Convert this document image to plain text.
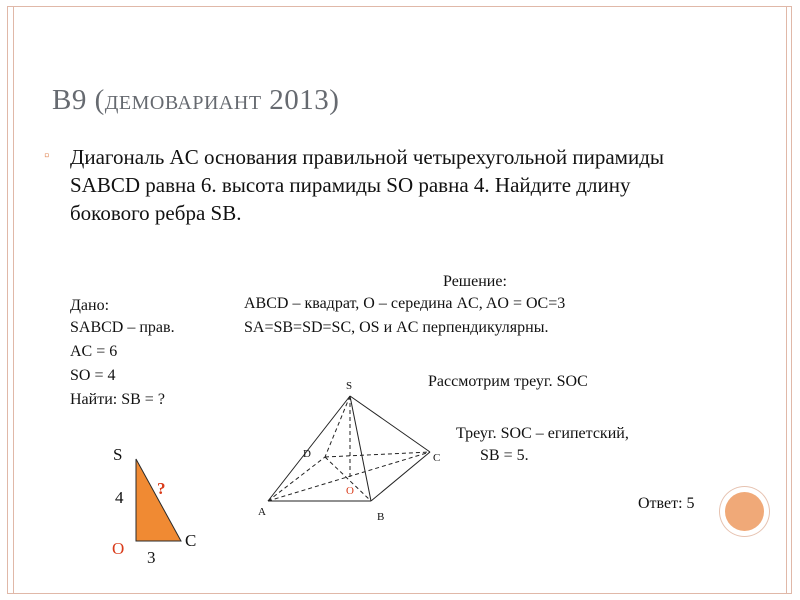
B9 (демовариант 2013)
▫ Диагональ AC основания правильной четырехугольной пирамиды SABCD равна 6. высота пирамиды SO равна 4. Найдите длину бокового ребра SB.
Дано:
SABCD – прав.
AC = 6
SO = 4
Найти: SB = ?
Решение:
ABCD – квадрат, O – середина AC, AO = OC=3
SA=SB=SD=SC, OS и AC перпендикулярны.
Рассмотрим треуг. SOC
Треуг. SOC – египетский,
SB = 5.
Ответ: 5
S
D	C
O
A	B
S
4 ?
C
O 3
